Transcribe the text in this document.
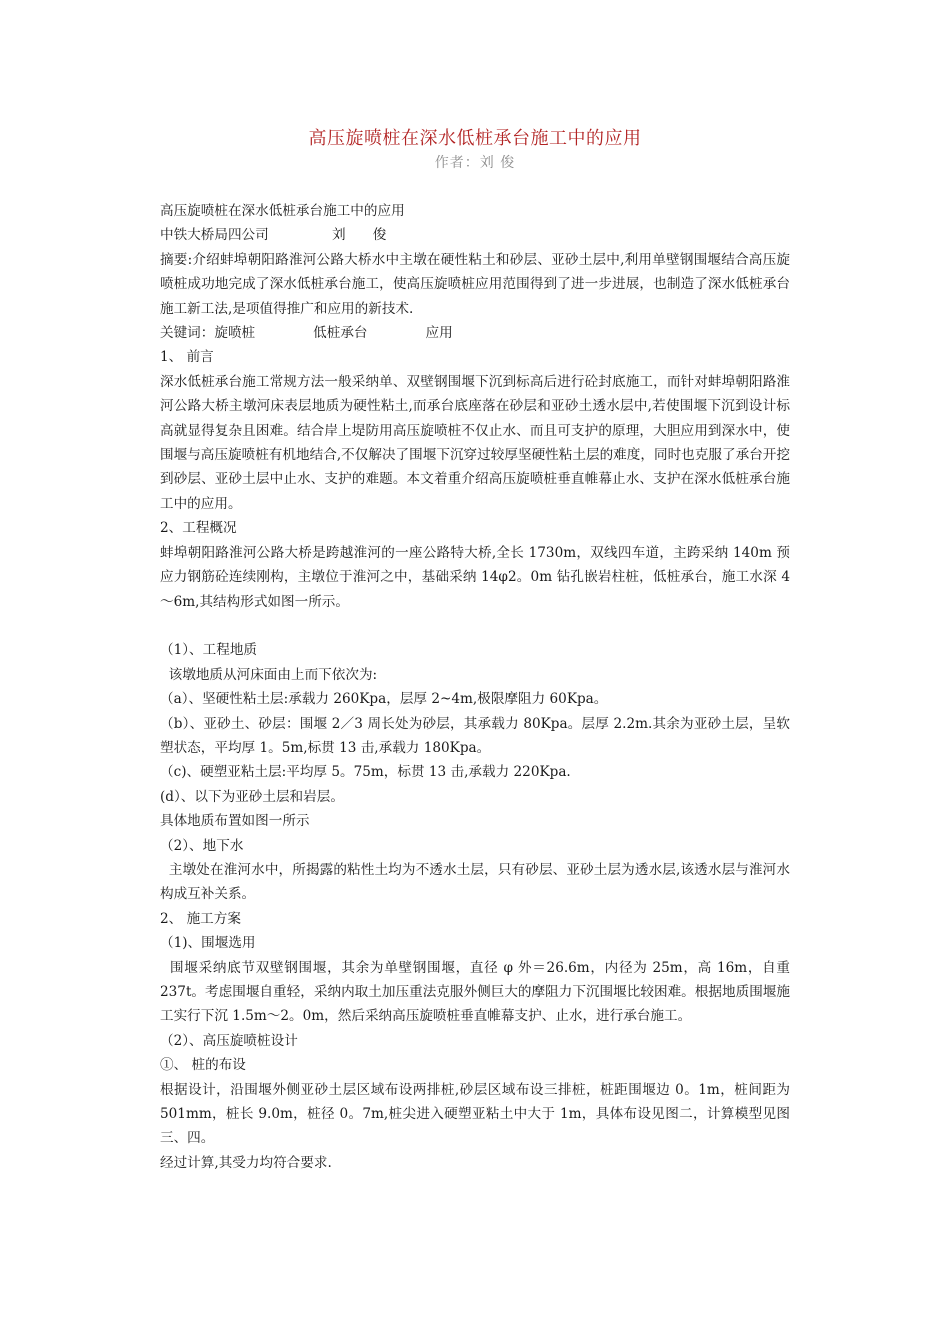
高压旋喷桩在深水低桩承台施工中的应用
作者：刘 俊

高压旋喷桩在深水低桩承台施工中的应用

中铁大桥局四公司	刘　　俊

摘要:介绍蚌埠朝阳路淮河公路大桥水中主墩在硬性粘土和砂层、亚砂土层中,利用单壁钢围堰结合高压旋喷桩成功地完成了深水低桩承台施工，使高压旋喷桩应用范围得到了进一步进展，也制造了深水低桩承台施工新工法,是项值得推广和应用的新技术.

关键词：旋喷桩	低桩承台	应用

1、 前言

深水低桩承台施工常规方法一般采纳单、双壁钢围堰下沉到标高后进行砼封底施工，而针对蚌埠朝阳路淮河公路大桥主墩河床表层地质为硬性粘土,而承台底座落在砂层和亚砂土透水层中,若使围堰下沉到设计标高就显得复杂且困难。结合岸上堤防用高压旋喷桩不仅止水、而且可支护的原理，大胆应用到深水中，使围堰与高压旋喷桩有机地结合,不仅解决了围堰下沉穿过较厚坚硬性粘土层的难度，同时也克服了承台开挖到砂层、亚砂土层中止水、支护的难题。本文着重介绍高压旋喷桩垂直帷幕止水、支护在深水低桩承台施工中的应用。

2、工程概况

蚌埠朝阳路淮河公路大桥是跨越淮河的一座公路特大桥,全长 1730m，双线四车道，主跨采纳 140m 预应力钢筋砼连续刚构，主墩位于淮河之中，基础采纳 14φ2。0m 钻孔嵌岩柱桩，低桩承台，施工水深 4～6m,其结构形式如图一所示。

（1）、工程地质

该墩地质从河床面由上而下依次为:

（a）、坚硬性粘土层:承载力 260Kpa，层厚 2~4m,极限摩阻力 60Kpa。

（b）、亚砂土、砂层：围堰 2／3 周长处为砂层，其承载力 80Kpa。层厚 2.2m.其余为亚砂土层，呈软塑状态，平均厚 1。5m,标贯 13 击,承载力 180Kpa。

（c)、硬塑亚粘土层:平均厚 5。75m，标贯 13 击,承载力 220Kpa.

(d）、以下为亚砂土层和岩层。

具体地质布置如图一所示

（2）、地下水

主墩处在淮河水中，所揭露的粘性土均为不透水土层，只有砂层、亚砂土层为透水层,该透水层与淮河水构成互补关系。

2、 施工方案

（1)、围堰选用

围堰采纳底节双壁钢围堰，其余为单壁钢围堰，直径 φ 外＝26.6m，内径为 25m，高 16m，自重 237t。考虑围堰自重轻，采纳内取土加压重法克服外侧巨大的摩阻力下沉围堰比较困难。根据地质围堰施工实行下沉 1.5m～2。0m，然后采纳高压旋喷桩垂直帷幕支护、止水，进行承台施工。

（2）、高压旋喷桩设计

①、 桩的布设

根据设计，沿围堰外侧亚砂土层区域布设两排桩,砂层区域布设三排桩，桩距围堰边 0。1m，桩间距为 501mm，桩长 9.0m，桩径 0。7m,桩尖进入硬塑亚粘土中大于 1m，具体布设见图二，计算模型见图三、四。

经过计算,其受力均符合要求.
